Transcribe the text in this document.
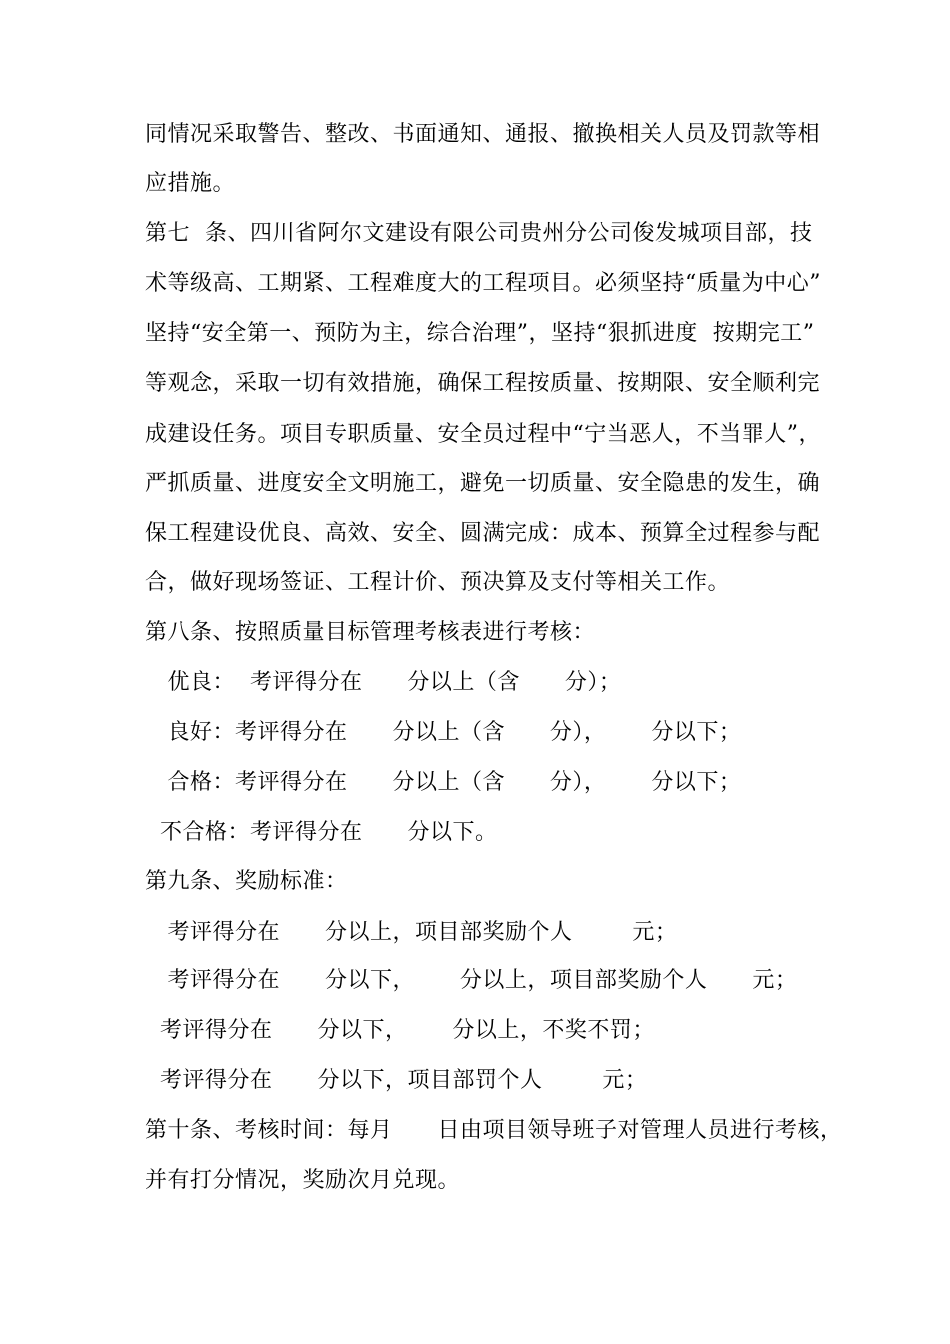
同情况采取警告、整改、书面通知、通报、撤换相关人员及罚款等相
应措施。
第七  条、四川省阿尔文建设有限公司贵州分公司俊发城项目部，技
术等级高、工期紧、工程难度大的工程项目。必须坚持“质量为中心”
坚持“安全第一、预防为主，综合治理”，坚持“狠抓进度  按期完工”
等观念，采取一切有效措施，确保工程按质量、按期限、安全顺利完
成建设任务。项目专职质量、安全员过程中“宁当恶人，不当罪人”，
严抓质量、进度安全文明施工，避免一切质量、安全隐患的发生，确
保工程建设优良、高效、安全、圆满完成：成本、预算全过程参与配
合，做好现场签证、工程计价、预决算及支付等相关工作。
第八条、按照质量目标管理考核表进行考核：
优良：  考评得分在      分以上（含      分）；
良好：考评得分在      分以上（含      分），      分以下；
合格：考评得分在      分以上（含      分），      分以下；
不合格：考评得分在      分以下。
第九条、奖励标准：
考评得分在      分以上，项目部奖励个人        元；
考评得分在      分以下，      分以上，项目部奖励个人      元；
考评得分在      分以下，      分以上，不奖不罚；
考评得分在      分以下，项目部罚个人        元；
第十条、考核时间：每月      日由项目领导班子对管理人员进行考核，
并有打分情况，奖励次月兑现。
